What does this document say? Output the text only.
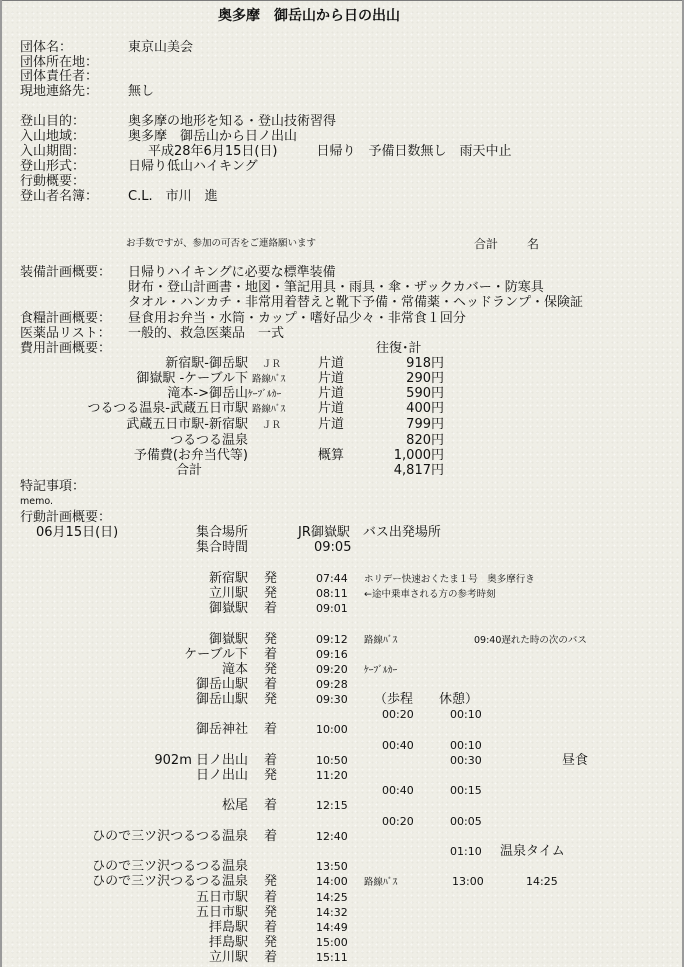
奥多摩　御岳山から日の出山
団体名：	東京山美会
団体所在地：
団体責任者：
現地連絡先： 無し
登山目的：	奥多摩の地形を知る・登山技術習得
入山地域：	奥多摩　御岳山から日ノ出山
入山期間：	　　平成28年6月15日(日)　　　日帰り　予備日数無し　雨天中止
登山形式：	日帰り低山ハイキング
行動概要：
登山者名簿： C.L.　市川　進
お手数ですが、参加の可否をご連絡願います	合計 名
装備計画概要： 日帰りハイキングに必要な標準装備
財布・登山計画書・地図・筆記用具・雨具・傘・ザックカバー・防寒具
タオル・ハンカチ・非常用着替えと靴下予備・常備薬・ヘッドランプ・保険証
食糧計画概要： 昼食用お弁当・水筒・カップ・嗜好品少々・非常食１回分
医薬品リスト： 一般的、救急医薬品　一式
費用計画概要：	往復･計
新宿駅-御岳駅 ＪＲ	片道	918円
御嶽駅 -ケーブル下 路線ﾊﾞｽ	片道	290円
滝本->御岳山 ｹｰﾌﾞﾙｶｰ	片道	590円
つるつる温泉-武蔵五日市駅 路線ﾊﾞｽ	片道	400円
武蔵五日市駅-新宿駅 ＪＲ	片道	799円
つるつる温泉	820円
予備費(お弁当代等)	概算	1,000円
合計	4,817円
特記事項：
memo.
行動計画概要：
06月15日(日)	集合場所	JR御嶽駅　バス出発場所
集合時間	09:05
新宿駅 発	07:44 ホリデー快速おくたま１号　奥多摩行き
立川駅 発	08:11 ←途中乗車される方の参考時刻
御嶽駅 着	09:01
御嶽駅 発	09:12 路線ﾊﾞｽ	09:40遅れた時の次のバス
ケーブル下 着	09:16
滝本 発	09:20 ｹｰﾌﾞﾙｶｰ
御岳山駅 着	09:28
御岳山駅 発	09:30 （歩程　　休憩）
00:20	00:10
御岳神社 着	10:00
00:40	00:10
902m 日ノ出山 着	10:50	00:30	昼食
日ノ出山 発	11:20
00:40	00:15
松尾 着	12:15
00:20	00:05
ひので三ツ沢つるつる温泉 着	12:40
01:10 温泉タイム
ひので三ツ沢つるつる温泉	13:50
ひので三ツ沢つるつる温泉 発	14:00 路線ﾊﾞｽ	13:00	14:25
五日市駅 着	14:25
五日市駅 発	14:32
拝島駅 着	14:49
拝島駅 発	15:00
立川駅 着	15:11
